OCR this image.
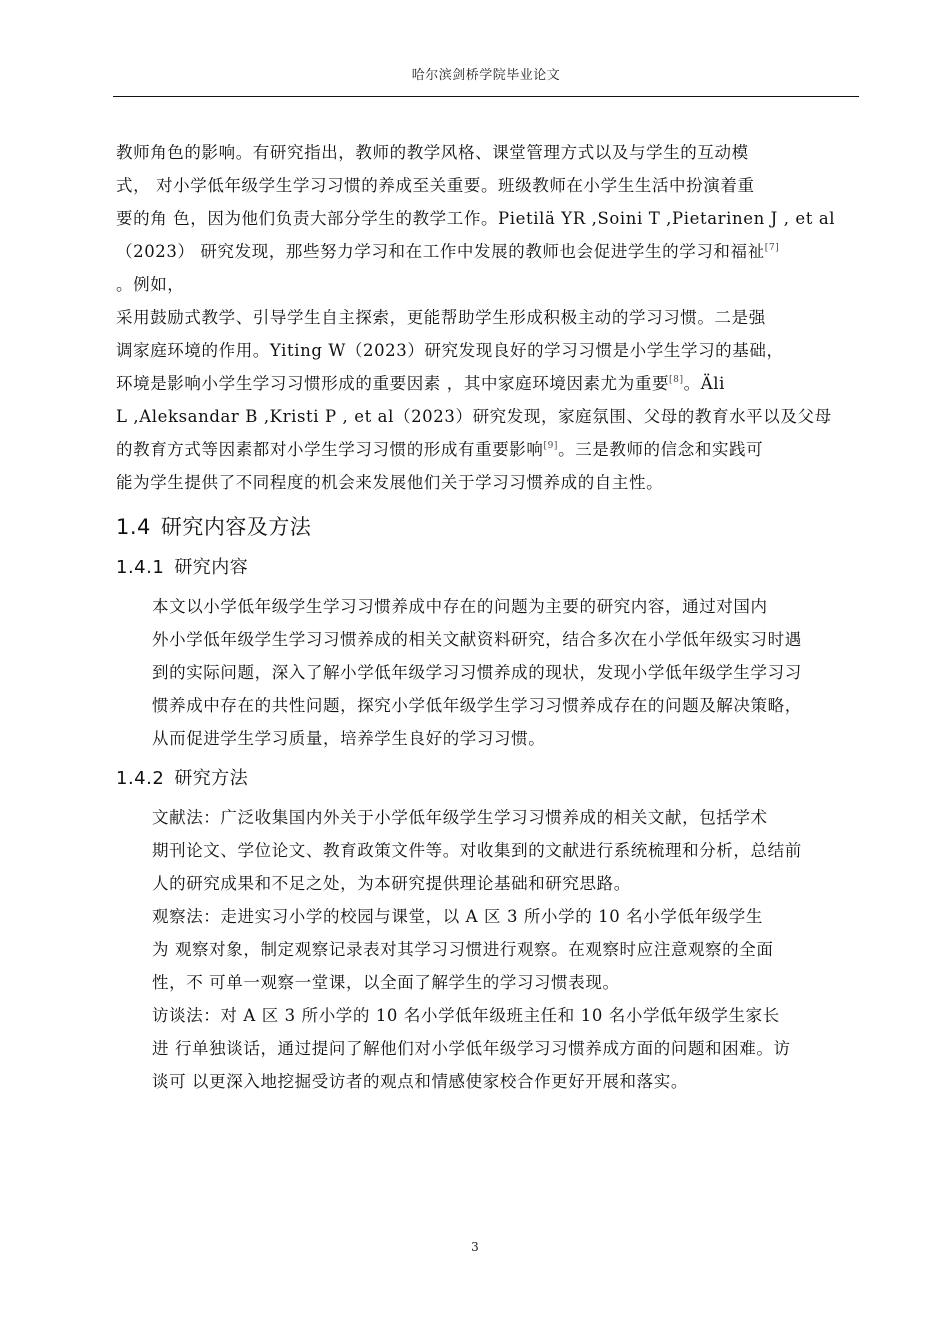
哈尔滨剑桥学院毕业论文

教师角色的影响。有研究指出，教师的教学风格、课堂管理方式以及与学生的互动模
式， 对小学低年级学生学习习惯的养成至关重要。班级教师在小学生生活中扮演着重
要的角 色，因为他们负责大部分学生的教学工作。Pietilä YR ,Soini T ,Pietarinen J , et al
（2023） 研究发现，那些努力学习和在工作中发展的教师也会促进学生的学习和福祉[7]
。例如，
采用鼓励式教学、引导学生自主探索，更能帮助学生形成积极主动的学习习惯。二是强
调家庭环境的作用。Yiting W（2023）研究发现良好的学习习惯是小学生学习的基础，
环境是影响小学生学习习惯形成的重要因素 ，其中家庭环境因素尤为重要[8]。Äli
L ,Aleksandar B ,Kristi P , et al（2023）研究发现，家庭氛围、父母的教育水平以及父母
的教育方式等因素都对小学生学习习惯的形成有重要影响[9]。三是教师的信念和实践可
能为学生提供了不同程度的机会来发展他们关于学习习惯养成的自主性。

1.4 研究内容及方法
1.4.1 研究内容

本文以小学低年级学生学习习惯养成中存在的问题为主要的研究内容，通过对国内
外小学低年级学生学习习惯养成的相关文献资料研究，结合多次在小学低年级实习时遇
到的实际问题，深入了解小学低年级学习习惯养成的现状，发现小学低年级学生学习习
惯养成中存在的共性问题，探究小学低年级学生学习习惯养成存在的问题及解决策略，
从而促进学生学习质量，培养学生良好的学习习惯。

1.4.2 研究方法

文献法：广泛收集国内外关于小学低年级学生学习习惯养成的相关文献，包括学术
期刊论文、学位论文、教育政策文件等。对收集到的文献进行系统梳理和分析，总结前
人的研究成果和不足之处，为本研究提供理论基础和研究思路。

观察法：走进实习小学的校园与课堂，以 A 区 3 所小学的 10 名小学低年级学生
为 观察对象，制定观察记录表对其学习习惯进行观察。在观察时应注意观察的全面
性，不 可单一观察一堂课，以全面了解学生的学习习惯表现。

访谈法：对 A 区 3 所小学的 10 名小学低年级班主任和 10 名小学低年级学生家长
进 行单独谈话，通过提问了解他们对小学低年级学习习惯养成方面的问题和困难。访
谈可 以更深入地挖掘受访者的观点和情感使家校合作更好开展和落实。

3
